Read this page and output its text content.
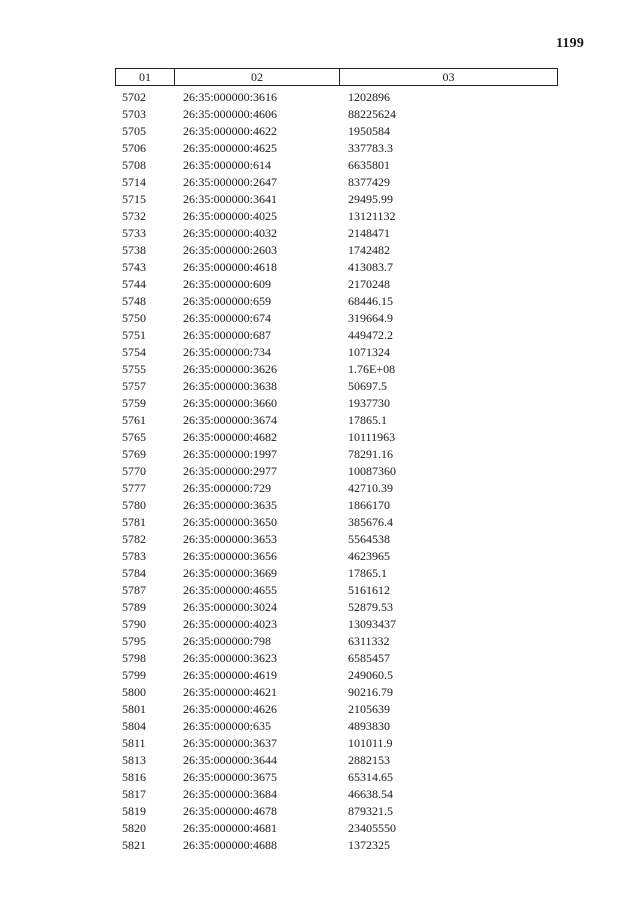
1199
01	02	03
5702	26:35:000000:3616	1202896
5703	26:35:000000:4606	88225624
5705	26:35:000000:4622	1950584
5706	26:35:000000:4625	337783.3
5708	26:35:000000:614	6635801
5714	26:35:000000:2647	8377429
5715	26:35:000000:3641	29495.99
5732	26:35:000000:4025	13121132
5733	26:35:000000:4032	2148471
5738	26:35:000000:2603	1742482
5743	26:35:000000:4618	413083.7
5744	26:35:000000:609	2170248
5748	26:35:000000:659	68446.15
5750	26:35:000000:674	319664.9
5751	26:35:000000:687	449472.2
5754	26:35:000000:734	1071324
5755	26:35:000000:3626	1.76E+08
5757	26:35:000000:3638	50697.5
5759	26:35:000000:3660	1937730
5761	26:35:000000:3674	17865.1
5765	26:35:000000:4682	10111963
5769	26:35:000000:1997	78291.16
5770	26:35:000000:2977	10087360
5777	26:35:000000:729	42710.39
5780	26:35:000000:3635	1866170
5781	26:35:000000:3650	385676.4
5782	26:35:000000:3653	5564538
5783	26:35:000000:3656	4623965
5784	26:35:000000:3669	17865.1
5787	26:35:000000:4655	5161612
5789	26:35:000000:3024	52879.53
5790	26:35:000000:4023	13093437
5795	26:35:000000:798	6311332
5798	26:35:000000:3623	6585457
5799	26:35:000000:4619	249060.5
5800	26:35:000000:4621	90216.79
5801	26:35:000000:4626	2105639
5804	26:35:000000:635	4893830
5811	26:35:000000:3637	101011.9
5813	26:35:000000:3644	2882153
5816	26:35:000000:3675	65314.65
5817	26:35:000000:3684	46638.54
5819	26:35:000000:4678	879321.5
5820	26:35:000000:4681	23405550
5821	26:35:000000:4688	1372325
